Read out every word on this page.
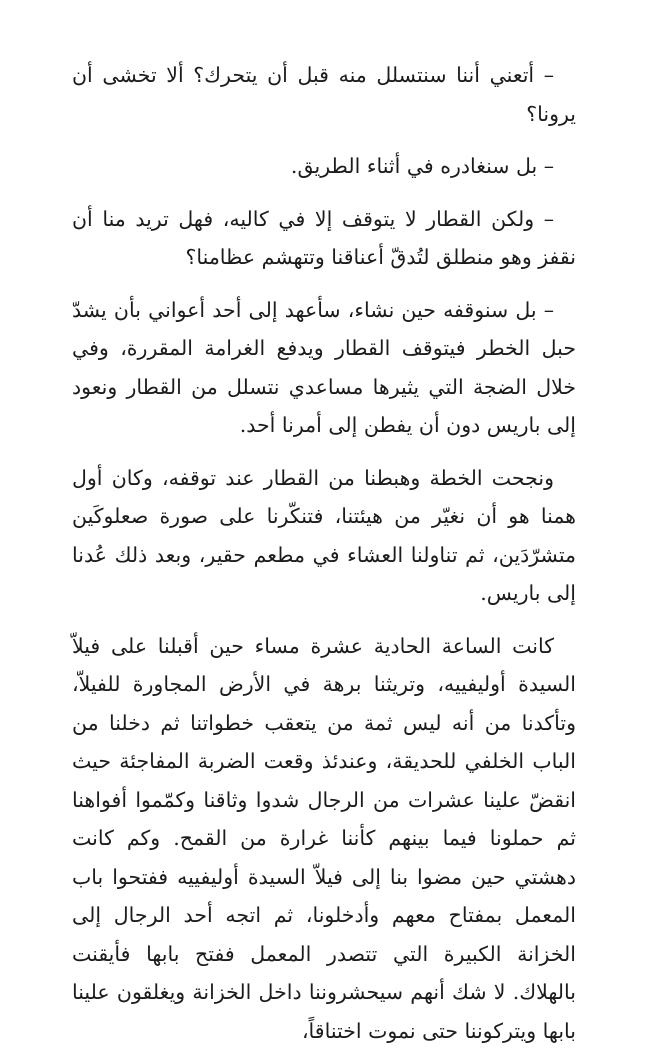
– أتعني أننا سنتسلل منه قبل أن يتحرك؟ ألا تخشى أن يرونا؟

– بل سنغادره في أثناء الطريق.

– ولكن القطار لا يتوقف إلا في كاليه، فهل تريد منا أن نقفز وهو منطلق لتُدقّ أعناقنا وتتهشم عظامنا؟

– بل سنوقفه حين نشاء، سأعهد إلى أحد أعواني بأن يشدّ حبل الخطر فيتوقف القطار ويدفع الغرامة المقررة، وفي خلال الضجة التي يثيرها مساعدي نتسلل من القطار ونعود إلى باريس دون أن يفطن إلى أمرنا أحد.

ونجحت الخطة وهبطنا من القطار عند توقفه، وكان أول همنا هو أن نغيّر من هيئتنا، فتنكّرنا على صورة صعلوكَين متشرّدَين، ثم تناولنا العشاء في مطعم حقير، وبعد ذلك عُدنا إلى باريس.

كانت الساعة الحادية عشرة مساء حين أقبلنا على فيلاّ السيدة أوليفييه، وتريثنا برهة في الأرض المجاورة للفيلاّ، وتأكدنا من أنه ليس ثمة من يتعقب خطواتنا ثم دخلنا من الباب الخلفي للحديقة، وعندئذ وقعت الضربة المفاجئة حيث انقضّ علينا عشرات من الرجال شدوا وثاقنا وكمّموا أفواهنا ثم حملونا فيما بينهم كأننا غرارة من القمح. وكم كانت دهشتي حين مضوا بنا إلى فيلاّ السيدة أوليفييه ففتحوا باب المعمل بمفتاح معهم وأدخلونا، ثم اتجه أحد الرجال إلى الخزانة الكبيرة التي تتصدر المعمل ففتح بابها فأيقنت بالهلاك. لا شك أنهم سيحشروننا داخل الخزانة ويغلقون علينا بابها ويتركوننا حتى نموت اختناقاً،
